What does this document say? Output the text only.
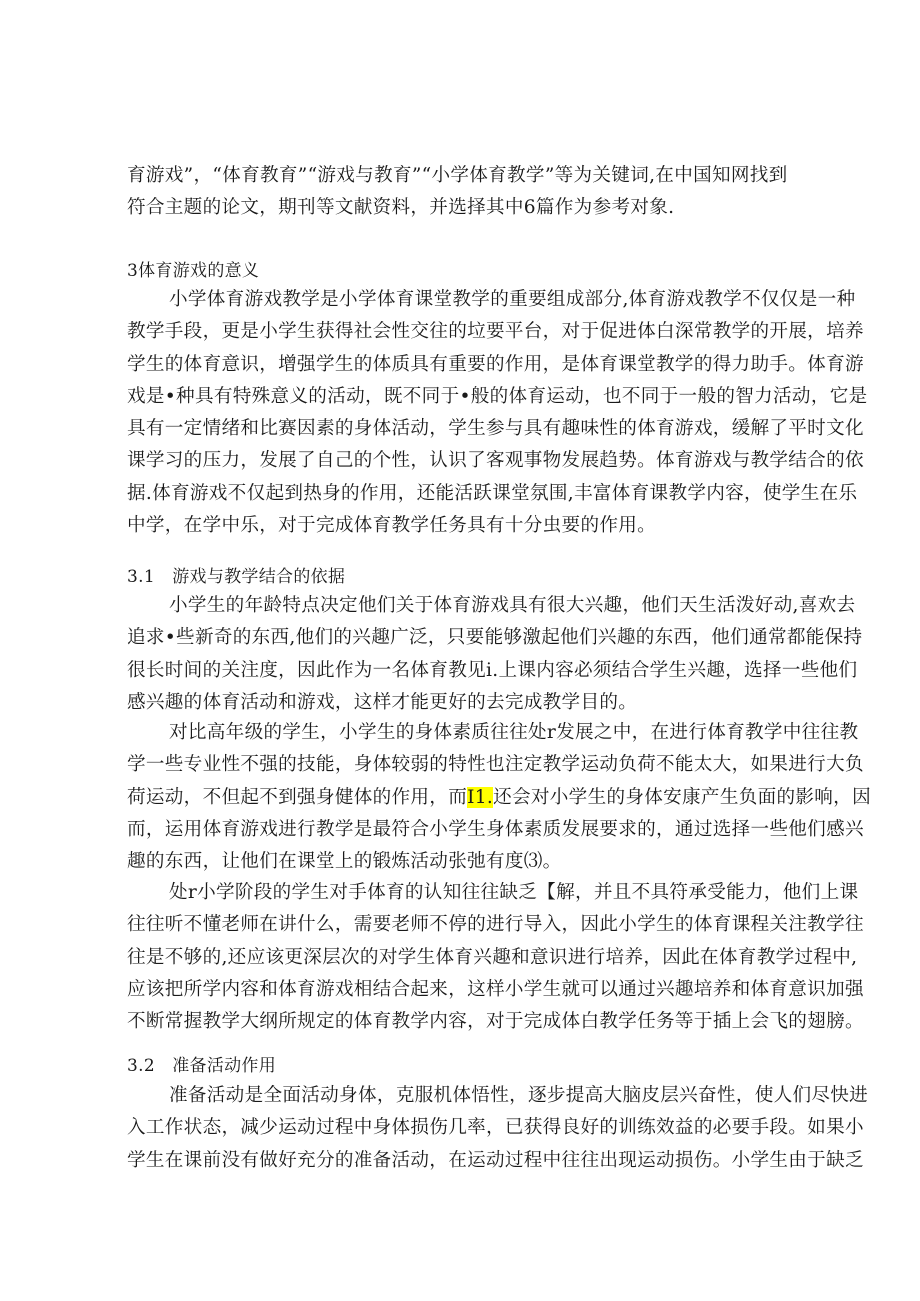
育游戏”，“体育教育”“游戏与教育”“小学体育教学”等为关键词,在中国知网找到
符合主题的论文，期刊等文献资料，并选择其中6篇作为参考对象.
3体育游戏的意义
小学体育游戏教学是小学体育课堂教学的重要组成部分,体育游戏教学不仅仅是一种
教学手段，更是小学生获得社会性交往的垃要平台，对于促进体白深常教学的开展，培养
学生的体育意识，增强学生的体质具有重要的作用，是体育课堂教学的得力助手。体育游
戏是•种具有特殊意义的活动，既不同于•般的体育运动，也不同于一般的智力活动，它是
具有一定情绪和比赛因素的身体活动，学生参与具有趣味性的体育游戏，缓解了平时文化
课学习的压力，发展了自己的个性，认识了客观事物发展趋势。体育游戏与教学结合的依
据.体育游戏不仅起到热身的作用，还能活跃课堂氛围,丰富体育课教学内容，使学生在乐
中学，在学中乐，对于完成体育教学任务具有十分虫要的作用。
3.1　游戏与教学结合的依据
小学生的年龄特点决定他们关于体育游戏具有很大兴趣，他们天生活泼好动,喜欢去
追求•些新奇的东西,他们的兴趣广泛，只要能够激起他们兴趣的东西，他们通常都能保持
很长时间的关注度，因此作为一名体育教见i.上课内容必须结合学生兴趣，选择一些他们
感兴趣的体育活动和游戏，这样才能更好的去完成教学目的。
对比高年级的学生，小学生的身体素质往往处r发展之中，在进行体育教学中往往教
学一些专业性不强的技能，身体较弱的特性也注定教学运动负荷不能太大，如果进行大负
荷运动，不但起不到强身健体的作用，而I1.还会对小学生的身体安康产生负面的影响，因
而，运用体育游戏进行教学是最符合小学生身体素质发展要求的，通过选择一些他们感兴
趣的东西，让他们在课堂上的锻炼活动张弛有度⑶。
处r小学阶段的学生对手体育的认知往往缺乏【解，并且不具符承受能力，他们上课
往往听不懂老师在讲什么，需要老师不停的进行导入，因此小学生的体育课程关注教学往
往是不够的,还应该更深层次的对学生体育兴趣和意识进行培养，因此在体育教学过程中,
应该把所学内容和体育游戏相结合起来，这样小学生就可以通过兴趣培养和体育意识加强
不断常握教学大纲所规定的体育教学内容，对于完成体白教学任务等于插上会飞的翅膀。
3.2　准备活动作用
准备活动是全面活动身体，克服机体悟性，逐步提高大脑皮层兴奋性，使人们尽快进
入工作状态，减少运动过程中身体损伤几率，已获得良好的训练效益的必要手段。如果小
学生在课前没有做好充分的准备活动，在运动过程中往往出现运动损伤。小学生由于缺乏
